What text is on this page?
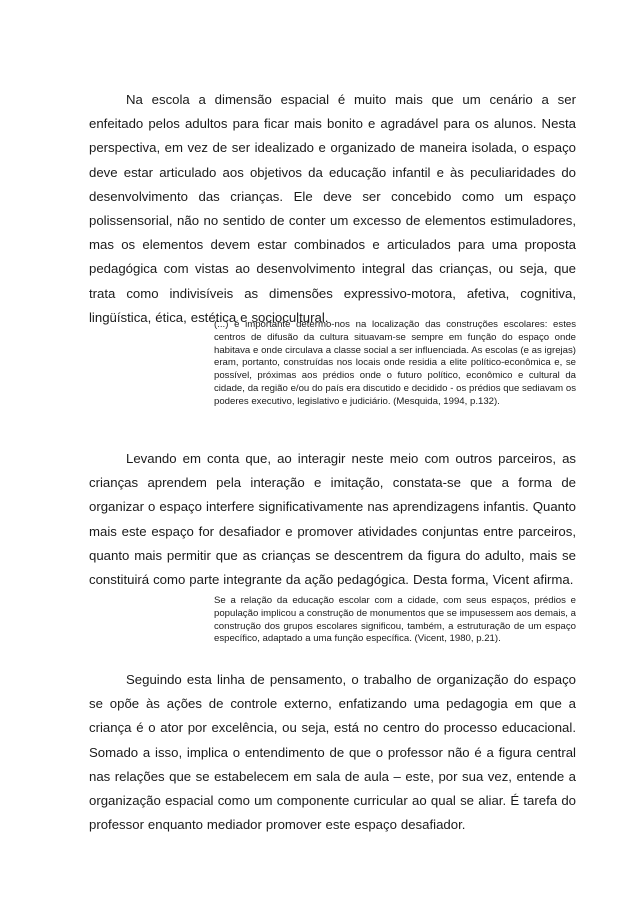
Na escola a dimensão espacial é muito mais que um cenário a ser enfeitado pelos adultos para ficar mais bonito e agradável para os alunos. Nesta perspectiva, em vez de ser idealizado e organizado de maneira isolada, o espaço deve estar articulado aos objetivos da educação infantil e às peculiaridades do desenvolvimento das crianças. Ele deve ser concebido como um espaço polissensorial, não no sentido de conter um excesso de elementos estimuladores, mas os elementos devem estar combinados e articulados para uma proposta pedagógica com vistas ao desenvolvimento integral das crianças, ou seja, que trata como indivisíveis as dimensões expressivo-motora, afetiva, cognitiva, lingüística, ética, estética e sociocultural.

(...) é importante determo-nos na localização das construções escolares: estes centros de difusão da cultura situavam-se sempre em função do espaço onde habitava e onde circulava a classe social a ser influenciada. As escolas (e as igrejas) eram, portanto, construídas nos locais onde residia a elite político-econômica e, se possível, próximas aos prédios onde o futuro político, econômico e cultural da cidade, da região e/ou do país era discutido e decidido - os prédios que sediavam os poderes executivo, legislativo e judiciário. (Mesquida, 1994, p.132).

Levando em conta que, ao interagir neste meio com outros parceiros, as crianças aprendem pela interação e imitação, constata-se que a forma de organizar o espaço interfere significativamente nas aprendizagens infantis. Quanto mais este espaço for desafiador e promover atividades conjuntas entre parceiros, quanto mais permitir que as crianças se descentrem da figura do adulto, mais se constituirá como parte integrante da ação pedagógica. Desta forma, Vicent afirma.

Se a relação da educação escolar com a cidade, com seus espaços, prédios e população implicou a construção de monumentos que se impusessem aos demais, a construção dos grupos escolares significou, também, a estruturação de um espaço específico, adaptado a uma função específica. (Vicent, 1980, p.21).

Seguindo esta linha de pensamento, o trabalho de organização do espaço se opõe às ações de controle externo, enfatizando uma pedagogia em que a criança é o ator por excelência, ou seja, está no centro do processo educacional. Somado a isso, implica o entendimento de que o professor não é a figura central nas relações que se estabelecem em sala de aula – este, por sua vez, entende a organização espacial como um componente curricular ao qual se aliar. É tarefa do professor enquanto mediador promover este espaço desafiador.
